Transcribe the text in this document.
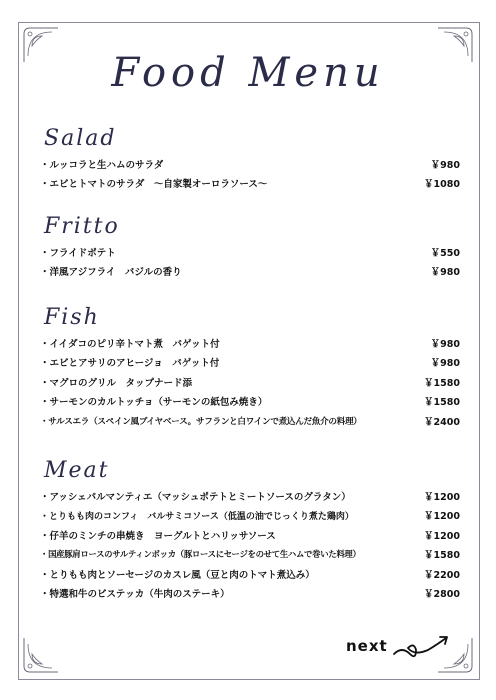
Food Menu
Salad
・ルッコラと生ハムのサラダ	￥980
・エビとトマトのサラダ　〜自家製オーロラソース〜	￥1080
Fritto
・フライドポテト	￥550
・洋風アジフライ　バジルの香り	￥980
Fish
・イイダコのピリ辛トマト煮　バゲット付	￥980
・エビとアサリのアヒージョ　バゲット付	￥980
・マグロのグリル　タップナード添	￥1580
・サーモンのカルトッチョ（サーモンの紙包み焼き）	￥1580
・サルスエラ（スペイン風ブイヤベース。サフランと白ワインで煮込んだ魚介の料理）	￥2400
Meat
・アッシェパルマンティエ（マッシュポテトとミートソースのグラタン）	￥1200
・とりもも肉のコンフィ　バルサミコソース（低温の油でじっくり煮た鶏肉）	￥1200
・仔羊のミンチの串焼き　ヨーグルトとハリッサソース	￥1200
・国産豚肩ロースのサルティンボッカ（豚ロースにセージをのせて生ハムで巻いた料理）	￥1580
・とりもも肉とソーセージのカスレ風（豆と肉のトマト煮込み）	￥2200
・特選和牛のビステッカ（牛肉のステーキ）	￥2800
next
